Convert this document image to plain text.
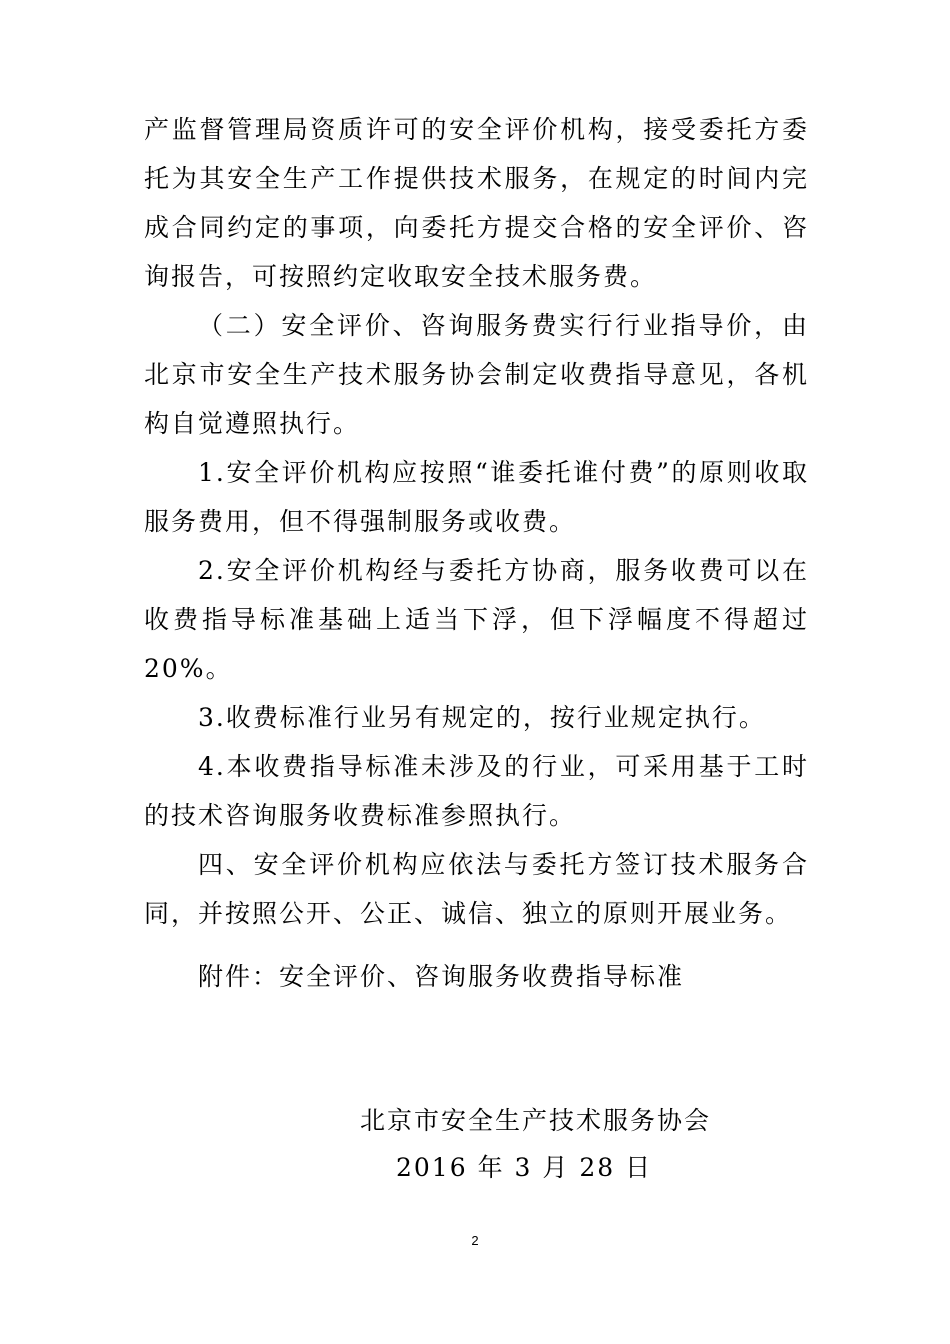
产监督管理局资质许可的安全评价机构，接受委托方委托为其安全生产工作提供技术服务，在规定的时间内完成合同约定的事项，向委托方提交合格的安全评价、咨询报告，可按照约定收取安全技术服务费。

（二）安全评价、咨询服务费实行行业指导价，由北京市安全生产技术服务协会制定收费指导意见，各机构自觉遵照执行。

1.安全评价机构应按照“谁委托谁付费”的原则收取服务费用，但不得强制服务或收费。

2.安全评价机构经与委托方协商，服务收费可以在收费指导标准基础上适当下浮，但下浮幅度不得超过20%。

3.收费标准行业另有规定的，按行业规定执行。

4.本收费指导标准未涉及的行业，可采用基于工时的技术咨询服务收费标准参照执行。

四、安全评价机构应依法与委托方签订技术服务合同，并按照公开、公正、诚信、独立的原则开展业务。

附件：安全评价、咨询服务收费指导标准
北京市安全生产技术服务协会
2016 年 3 月 28 日
2
